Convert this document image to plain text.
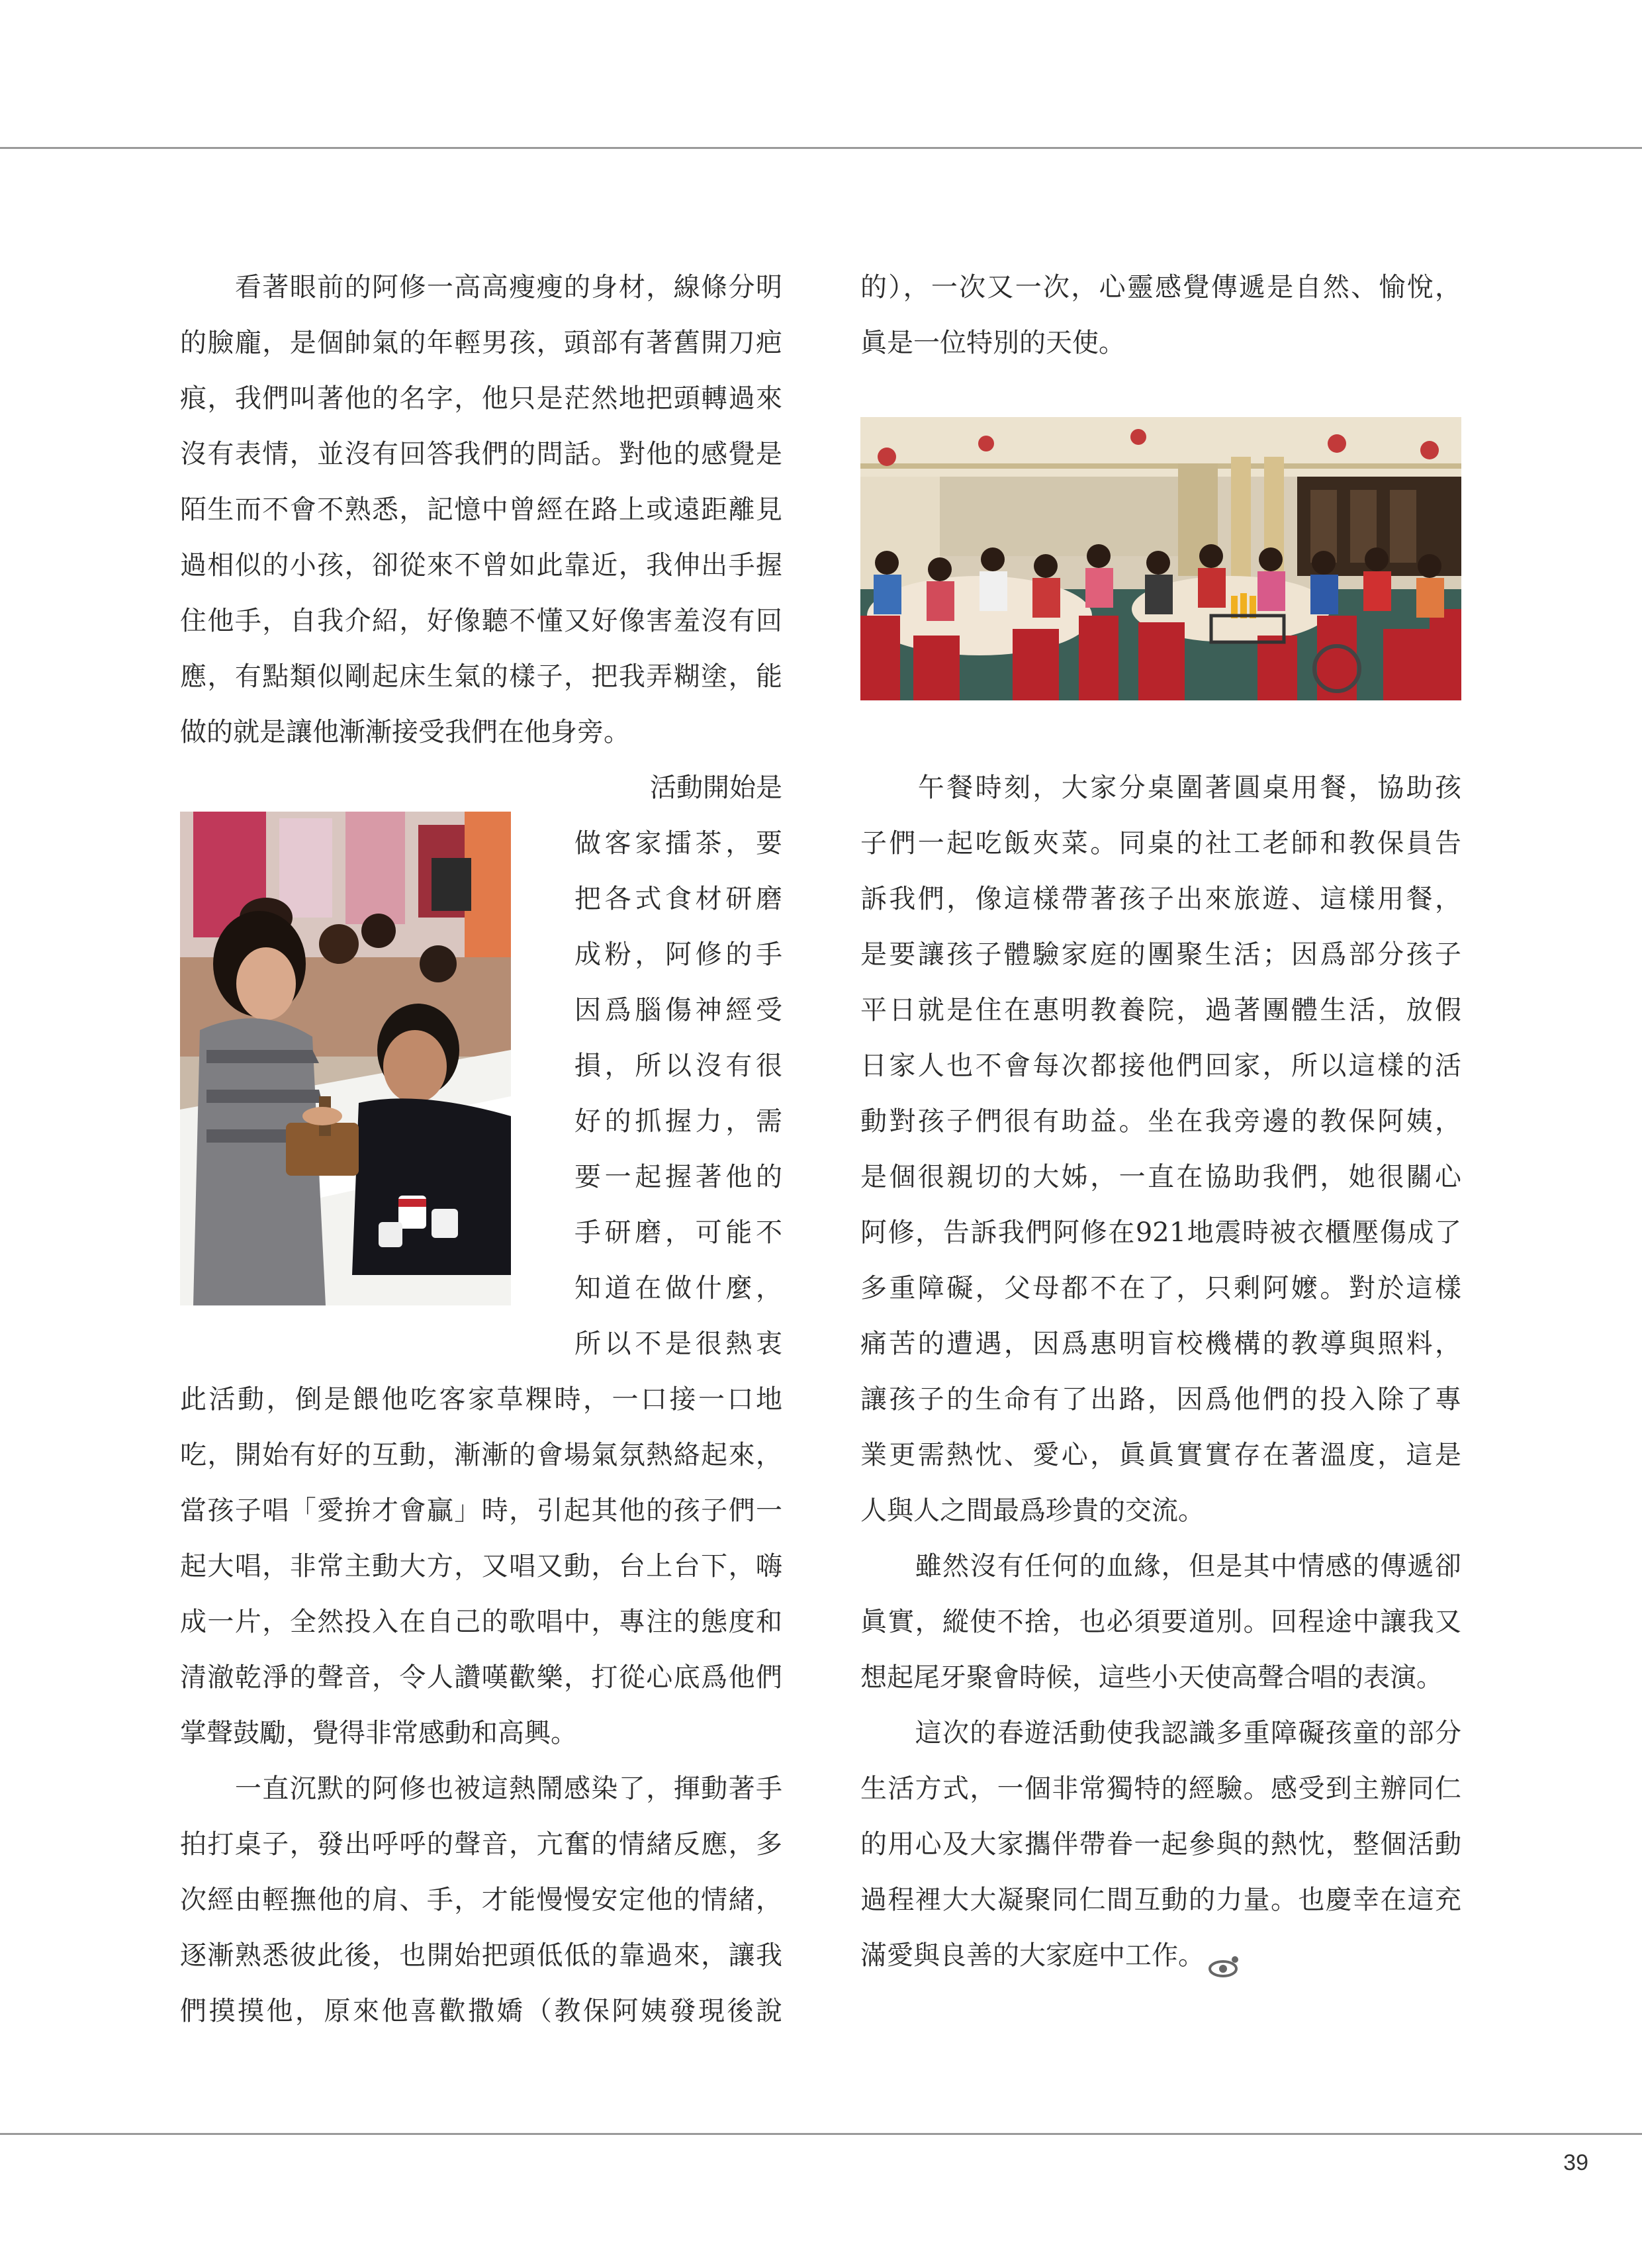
　　看著眼前的阿修一高高瘦瘦的身材，線條分明
的臉龐，是個帥氣的年輕男孩，頭部有著舊開刀疤
痕，我們叫著他的名字，他只是茫然地把頭轉過來
沒有表情，並沒有回答我們的問話。對他的感覺是
陌生而不會不熟悉，記憶中曾經在路上或遠距離見
過相似的小孩，卻從來不曾如此靠近，我伸出手握
住他手，自我介紹，好像聽不懂又好像害羞沒有回
應，有點類似剛起床生氣的樣子，把我弄糊塗，能
做的就是讓他漸漸接受我們在他身旁。
活動開始是
做客家擂茶，要
把各式食材研磨
成粉，阿修的手
因爲腦傷神經受
損，所以沒有很
好的抓握力，需
要一起握著他的
手研磨，可能不
知道在做什麼，
所以不是很熱衷
此活動，倒是餵他吃客家草粿時，一口接一口地
吃，開始有好的互動，漸漸的會場氣氛熱絡起來，
當孩子唱「愛拚才會贏」時，引起其他的孩子們一
起大唱，非常主動大方，又唱又動，台上台下，嗨
成一片，全然投入在自己的歌唱中，專注的態度和
清澈乾淨的聲音，令人讚嘆歡樂，打從心底爲他們
掌聲鼓勵，覺得非常感動和高興。
　　一直沉默的阿修也被這熱鬧感染了，揮動著手
拍打桌子，發出呼呼的聲音，亢奮的情緒反應，多
次經由輕撫他的肩、手，才能慢慢安定他的情緒，
逐漸熟悉彼此後，也開始把頭低低的靠過來，讓我
們摸摸他，原來他喜歡撒嬌（教保阿姨發現後說
的），一次又一次，心靈感覺傳遞是自然、愉悅，
眞是一位特別的天使。
　　午餐時刻，大家分桌圍著圓桌用餐，協助孩
子們一起吃飯夾菜。同桌的社工老師和教保員告
訴我們，像這樣帶著孩子出來旅遊、這樣用餐，
是要讓孩子體驗家庭的團聚生活；因爲部分孩子
平日就是住在惠明教養院，過著團體生活，放假
日家人也不會每次都接他們回家，所以這樣的活
動對孩子們很有助益。坐在我旁邊的教保阿姨，
是個很親切的大姊，一直在協助我們，她很關心
阿修，告訴我們阿修在921地震時被衣櫃壓傷成了
多重障礙，父母都不在了，只剩阿嬤。對於這樣
痛苦的遭遇，因爲惠明盲校機構的教導與照料，
讓孩子的生命有了出路，因爲他們的投入除了專
業更需熱忱、愛心，眞眞實實存在著溫度，這是
人與人之間最爲珍貴的交流。
　　雖然沒有任何的血緣，但是其中情感的傳遞卻
眞實，縱使不捨，也必須要道別。回程途中讓我又
想起尾牙聚會時候，這些小天使高聲合唱的表演。
　　這次的春遊活動使我認識多重障礙孩童的部分
生活方式，一個非常獨特的經驗。感受到主辦同仁
的用心及大家攜伴帶眷一起參與的熱忱，整個活動
過程裡大大凝聚同仁間互動的力量。也慶幸在這充
滿愛與良善的大家庭中工作。
39
